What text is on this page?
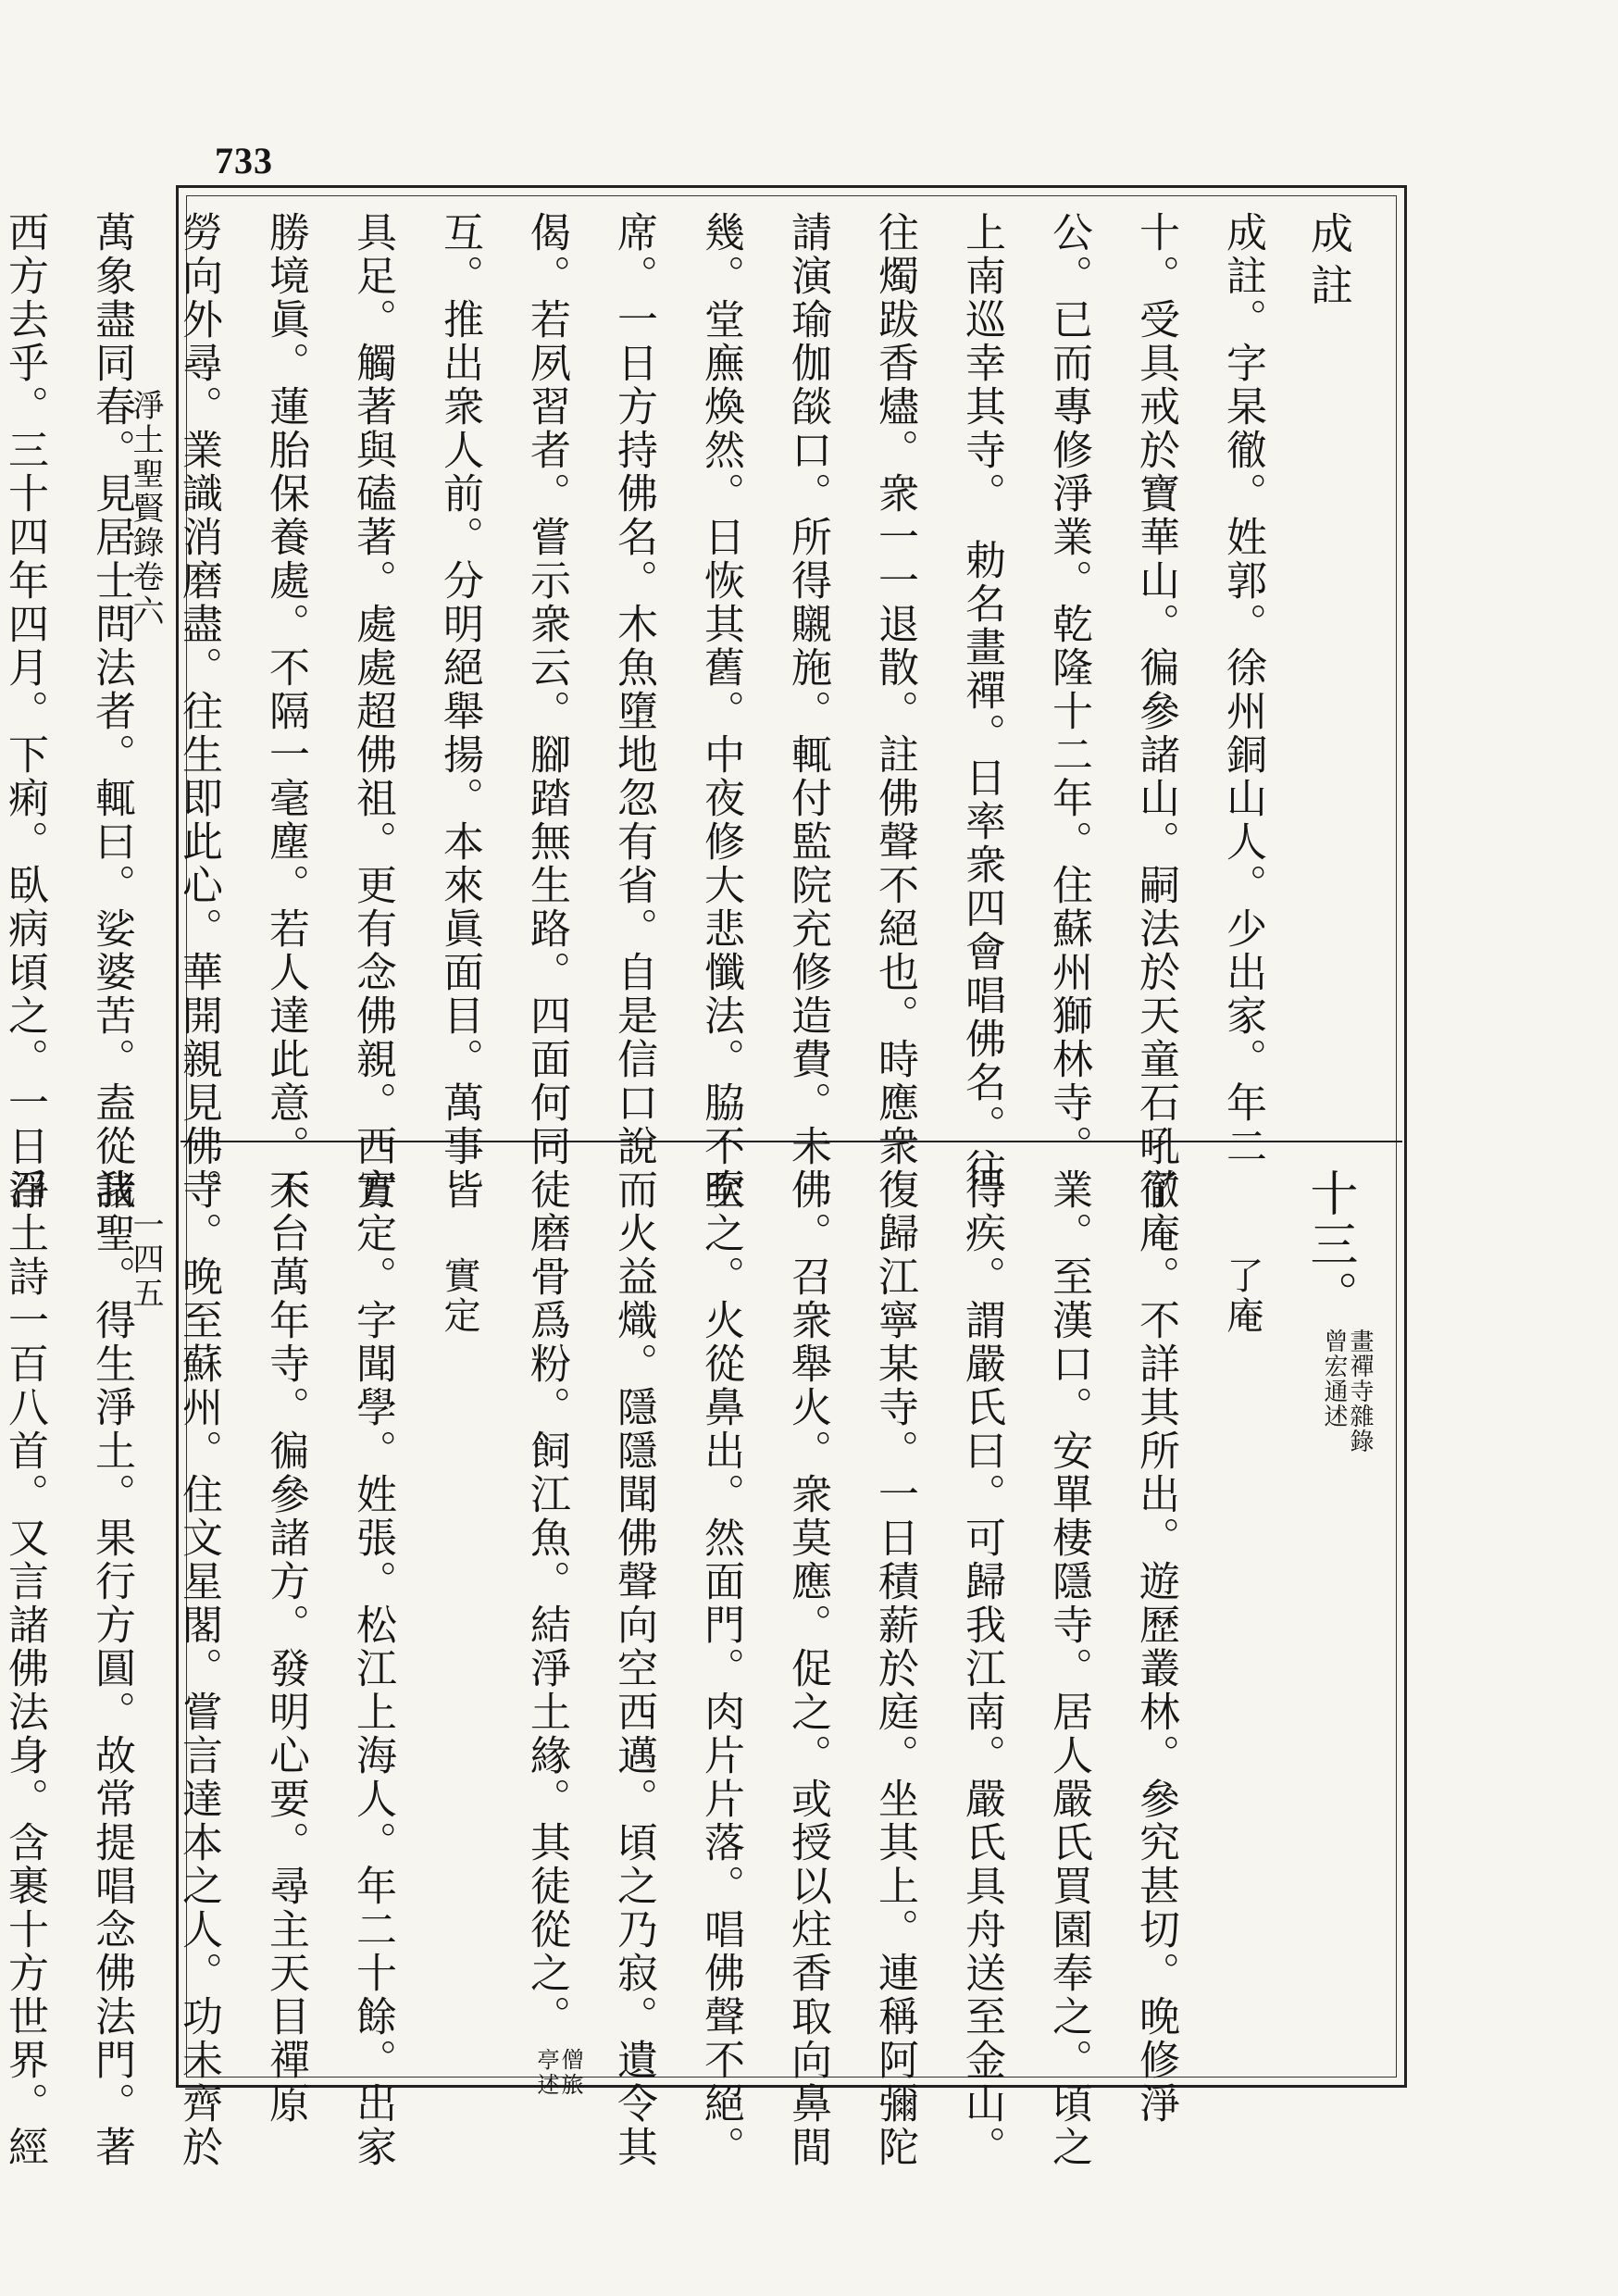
733
淨土聖賢錄卷六
一四五
成註
成註。字杲徹。姓郭。徐州銅山人。少出家。年二
十。受具戒於寶華山。徧參諸山。嗣法於天童石吼徹
公。已而專修淨業。乾隆十二年。住蘇州獅林寺。
上南巡幸其寺。　勅名畫禪。日率衆四會唱佛名。往
往燭跋香燼。衆一一退散。註佛聲不絕也。時應衆
請演瑜伽燄口。所得䞋施。輒付監院充修造費。未
幾。堂廡煥然。日恢其舊。中夜修大悲懺法。脇不至
席。一日方持佛名。木魚墮地忽有省。自是信口說
偈。若夙習者。嘗示衆云。腳踏無生路。四面何同
互。推出衆人前。分明絕舉揚。本來眞面目。萬事皆
具足。觸著與磕著。處處超佛祖。更有念佛親。西方
勝境眞。蓮胎保養處。不隔一毫塵。若人達此意。不
勞向外尋。業識消磨盡。往生即此心。華開親見佛。
萬象盡同春。見居士問法者。輒曰。娑婆苦。盍從我
西方去乎。三十四年四月。下痢。臥病頃之。一日召
十三。
畫禪寺雜錄
曾宏通述
了庵
了庵。不詳其所出。遊歷叢林。參究甚切。晚修淨
業。至漢口。安單棲隱寺。居人嚴氏買園奉之。頃之
得疾。謂嚴氏曰。可歸我江南。嚴氏具舟送至金山。
復歸江寧某寺。一日積薪於庭。坐其上。連稱阿彌陀
佛。召衆舉火。衆莫應。促之。或授以炷香取向鼻間
吹之。火從鼻出。然面門。肉片片落。唱佛聲不絕。
而火益熾。隱隱聞佛聲向空西邁。頃之乃寂。遺令其
徒磨骨爲粉。飼江魚。結淨土緣。其徒從之。
僧旅
亭述
實定
實定。字聞學。姓張。松江上海人。年二十餘。出家
天台萬年寺。徧參諸方。發明心要。尋主天目禪原
寺。晚至蘇州。住文星閣。嘗言達本之人。功未齊於
諸聖。得生淨土。果行方圓。故常提唱念佛法門。著
淨土詩一百八首。又言諸佛法身。含裹十方世界。經
